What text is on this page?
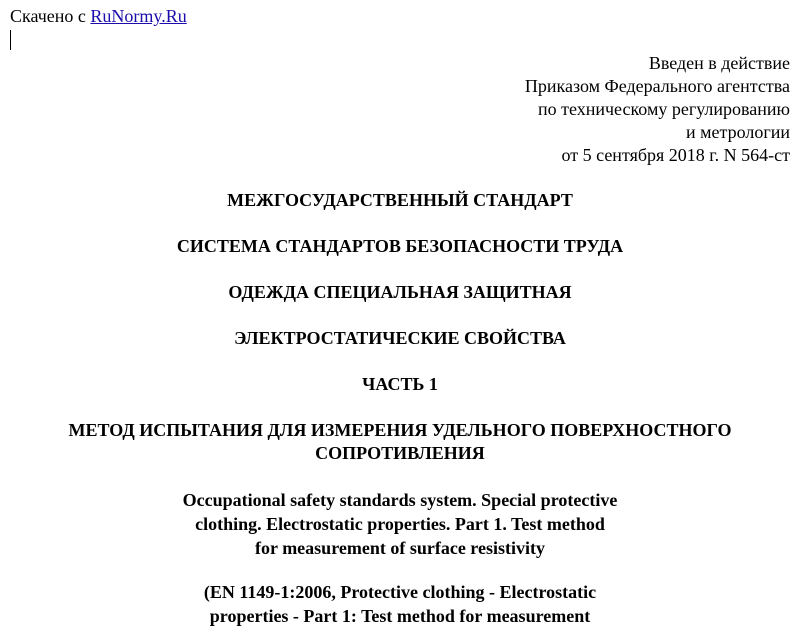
Скачено с RuNormy.Ru
Введен в действие
Приказом Федерального агентства
по техническому регулированию
и метрологии
от 5 сентября 2018 г. N 564-ст
МЕЖГОСУДАРСТВЕННЫЙ СТАНДАРТ
СИСТЕМА СТАНДАРТОВ БЕЗОПАСНОСТИ ТРУДА
ОДЕЖДА СПЕЦИАЛЬНАЯ ЗАЩИТНАЯ
ЭЛЕКТРОСТАТИЧЕСКИЕ СВОЙСТВА
ЧАСТЬ 1
МЕТОД ИСПЫТАНИЯ ДЛЯ ИЗМЕРЕНИЯ УДЕЛЬНОГО ПОВЕРХНОСТНОГО
СОПРОТИВЛЕНИЯ
Occupational safety standards system. Special protective
clothing. Electrostatic properties. Part 1. Test method
for measurement of surface resistivity
(EN 1149-1:2006, Protective clothing - Electrostatic
properties - Part 1: Test method for measurement
